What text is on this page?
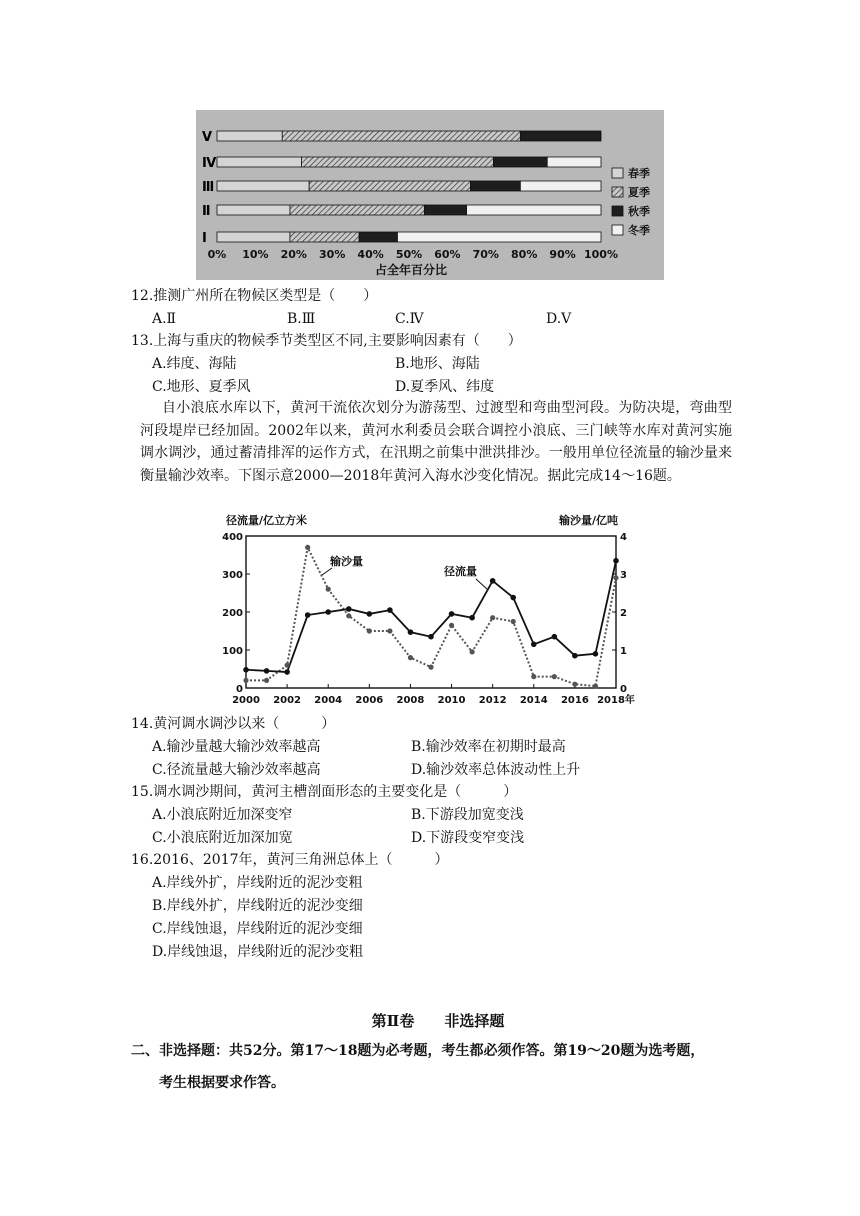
Ⅰ
Ⅱ
Ⅲ
Ⅳ
Ⅴ
0% 10% 20% 30% 40% 50% 60% 70% 80% 90% 100%
占全年百分比
春季
夏季
秋季
冬季
12.推测广州所在物候区类型是（　　）
A.Ⅱ	B.Ⅲ	C.Ⅳ	D.Ⅴ
13.上海与重庆的物候季节类型区不同,主要影响因素有（　　）
A.纬度、海陆	B.地形、海陆
C.地形、夏季风	D.夏季风、纬度
自小浪底水库以下，黄河干流依次划分为游荡型、过渡型和弯曲型河段。为防决堤，弯曲型河段堤岸已经加固。2002年以来，黄河水利委员会联合调控小浪底、三门峡等水库对黄河实施调水调沙，通过蓄清排浑的运作方式，在汛期之前集中泄洪排沙。一般用单位径流量的输沙量来衡量输沙效率。下图示意2000—2018年黄河入海水沙变化情况。据此完成14～16题。
径流量/亿立方米	输沙量/亿吨
0
100
200
300
400
0
1
2
3
4
2000 2002 2004 2006 2008 2010 2012 2014 2016 2018年
输沙量
径流量
14.黄河调水调沙以来（　　　）
A.输沙量越大输沙效率越高	B.输沙效率在初期时最高
C.径流量越大输沙效率越高	D.输沙效率总体波动性上升
15.调水调沙期间，黄河主槽剖面形态的主要变化是（　　　）
A.小浪底附近加深变窄	B.下游段加宽变浅
C.小浪底附近加深加宽	D.下游段变窄变浅
16.2016、2017年，黄河三角洲总体上（　　　）
A.岸线外扩，岸线附近的泥沙变粗
B.岸线外扩，岸线附近的泥沙变细
C.岸线蚀退，岸线附近的泥沙变细
D.岸线蚀退，岸线附近的泥沙变粗
第Ⅱ卷　　非选择题
二、非选择题：共52分。第17～18题为必考题，考生都必须作答。第19～20题为选考题，
考生根据要求作答。
